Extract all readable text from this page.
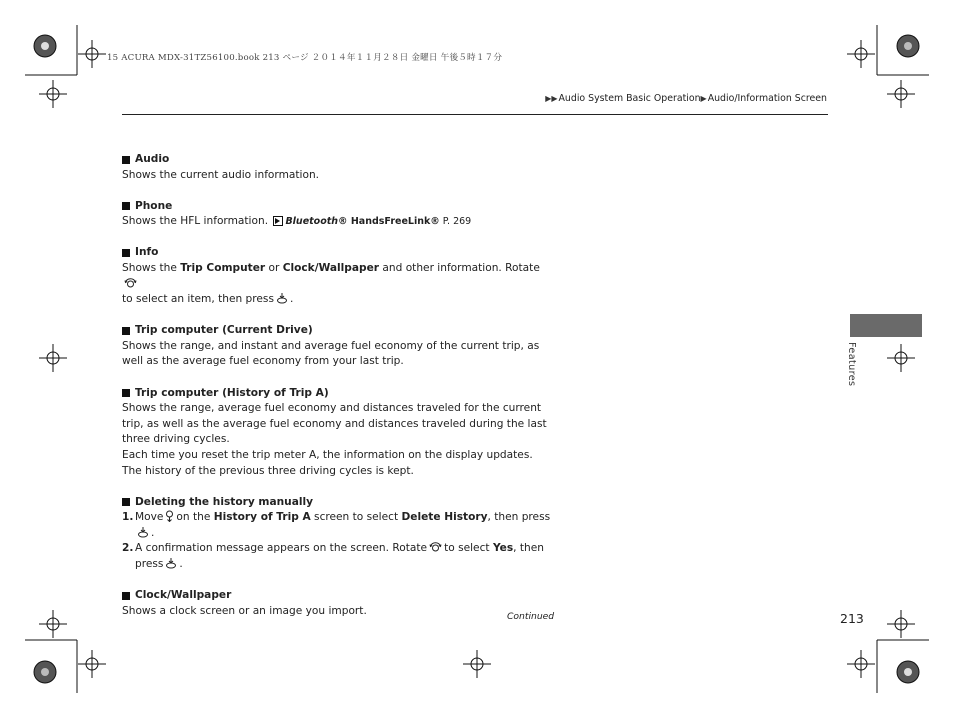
15 ACURA MDX-31TZ56100.book 213 ページ ２０１４年１１月２８日 金曜日 午後５時１７分
▶▶Audio System Basic Operation▶Audio/Information Screen
Audio

Shows the current audio information.

Phone

Shows the HFL information. Bluetooth® HandsFreeLink® P. 269

Info

Shows the Trip Computer or Clock/Wallpaper and other information. Rotate
to select an item, then press .

Trip computer (Current Drive)

Shows the range, and instant and average fuel economy of the current trip, as well as the average fuel economy from your last trip.

Trip computer (History of Trip A)

Shows the range, average fuel economy and distances traveled for the current trip, as well as the average fuel economy and distances traveled during the last three driving cycles.

Each time you reset the trip meter A, the information on the display updates. The history of the previous three driving cycles is kept.

Deleting the history manually
1. Move on the History of Trip A screen to select Delete History, then press.
2. A confirmation message appears on the screen. Rotate to select Yes, then
press .
Clock/Wallpaper

Shows a clock screen or an image you import.

Features
Continued	213
